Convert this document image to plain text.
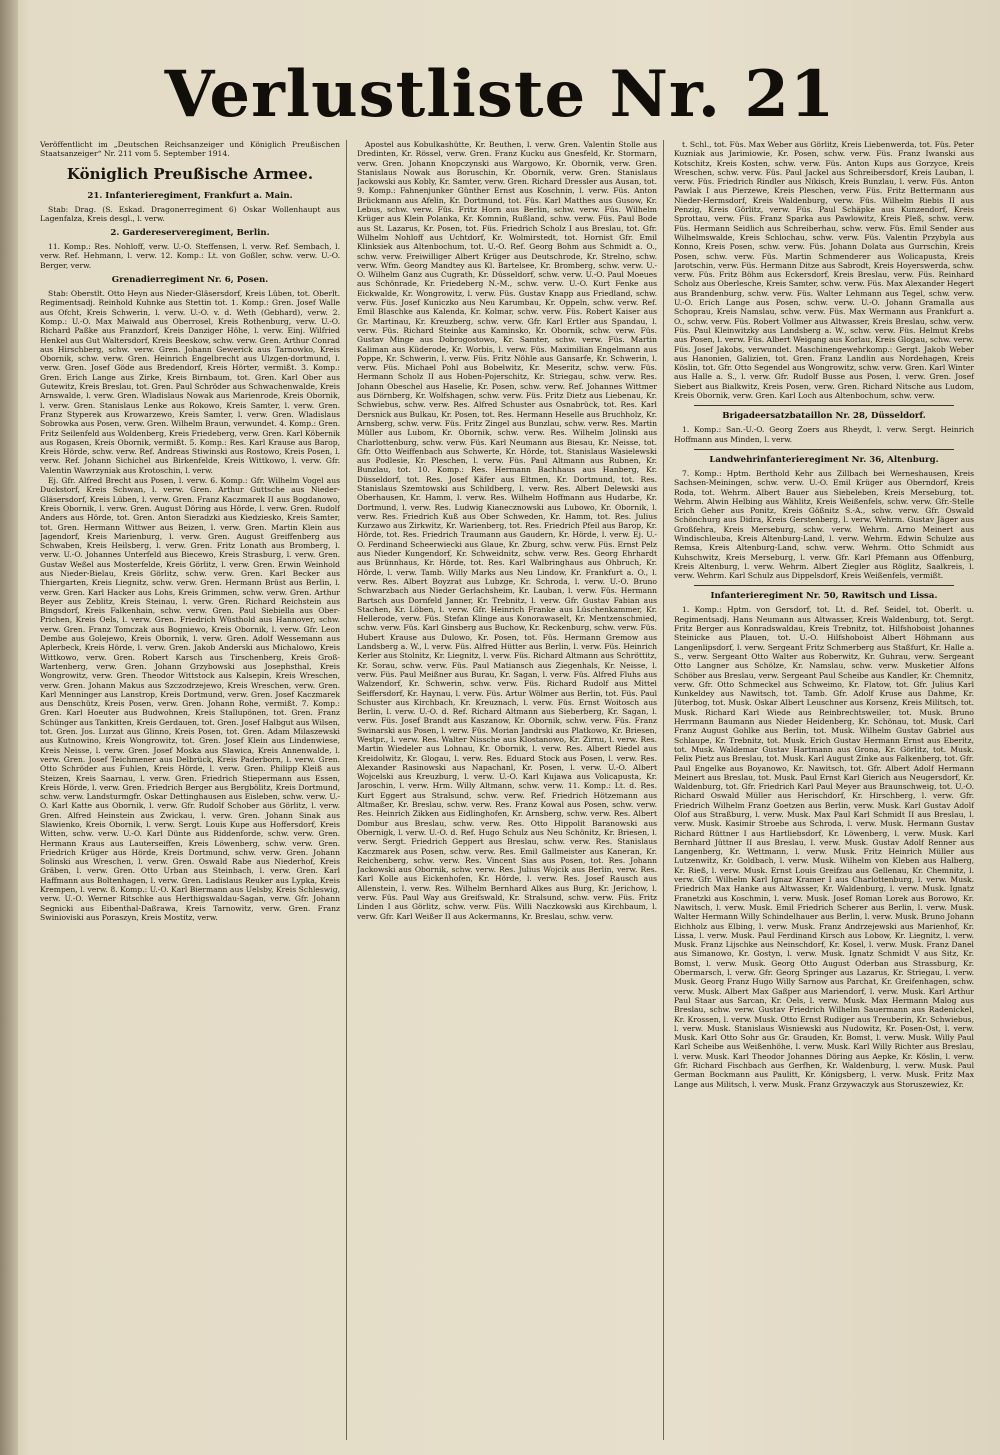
Verlustliste Nr. 21

Veröffentlicht im „Deutschen Reichsanzeiger und Königlich Preußischen Staatsanzeiger“ Nr. 211 vom 5. September 1914.

Königlich Preußische Armee.

21. Infanterieregiment, Frankfurt a. Main.

Stab: Drag. (S. Eskad. Dragonerregiment 6) Oskar Wollenhaupt aus Lagenfalza, Kreis desgl., l. verw.

2. Gardereserveregiment, Berlin.

11. Komp.: Res. Nohloff, verw. U.-O. Steffensen, l. verw. Ref. Sembach, l. verw. Ref. Hehmann, l. verw. 12. Komp.: Lt. von Goßler, schw. verw. U.-O. Berger, verw.

Grenadierregiment Nr. 6, Posen.

Stab: Oberstlt. Otto Heyn aus Nieder-Gläsersdorf, Kreis Lüben, tot. Oberlt. Regimentsadj. Reinhold Kuhnke aus Stettin tot. 1. Komp.: Gren. Josef Walle aus Ofcht, Kreis Schwerin, l. verw. U.-O. v. d. Weth (Gebhard), verw. 2. Komp.: U.-O. Max Maiwald aus Oberrosel, Kreis Rothenburg, verw. U.-O. Richard Paßke aus Franzdorf, Kreis Danziger Höhe, l. verw. Einj. Wilfried Henkel aus Gut Waltersdorf, Kreis Beeskow, schw. verw. Gren. Arthur Conrad aus Hirschberg, schw. verw. Gren. Johann Gewerick aus Tarnowko, Kreis Obornik, schw. verw. Gren. Heinrich Engelbrecht aus Ulzgen-dortmund, l. verw. Gren. Josef Göde aus Bredendorf, Kreis Hörter, vermißt. 3. Komp.: Gren. Erich Lange aus Zirke, Kreis Birnbaum, tot. Gren. Karl Ober aus Gutewitz, Kreis Breslau, tot. Gren. Paul Schröder aus Schwachenwalde, Kreis Arnswalde, l. verw. Gren. Wladislaus Nowak aus Marienrode, Kreis Obornik, l. verw. Gren. Stanislaus Lenke aus Rokowo, Kreis Samter, l. verw. Gren. Franz Styperek aus Krowarzewo, Kreis Samter, l. verw. Gren. Wladislaus Sobrowka aus Posen, verw. Gren. Wilhelm Braun, verwundet. 4. Komp.: Gren. Fritz Seilenfeld aus Woldenberg, Kreis Friedeberg, verw. Gren. Karl Köbernik aus Rogasen, Kreis Obornik, vermißt. 5. Komp.: Res. Karl Krause aus Barop, Kreis Hörde, schw. verw. Ref. Andreas Stiwinski aus Rostowo, Kreis Posen, l. verw. Ref. Johann Sichichel aus Birkenfelde, Kreis Wittkowo, l. verw. Gfr. Valentin Wawrzyniak aus Krotoschin, l. verw.

Ej. Gfr. Alfred Brecht aus Posen, l. verw. 6. Komp.: Gfr. Wilhelm Vogel aus Duckstorf, Kreis Schwan, l. verw. Gren. Arthur Guttsche aus Nieder-Gläsersdorf, Kreis Lüben, l. verw. Gren. Franz Kaczmarek II aus Bogdanowo, Kreis Obornik, l. verw. Gren. August Döring aus Hörde, l. verw. Gren. Rudolf Anders aus Hörde, tot. Gren. Anton Sieradzki aus Kiedziesko, Kreis Samter, tot. Gren. Hermann Wittwer aus Beizen, l. verw. Gren. Martin Klein aus Jagendorf, Kreis Marienburg, l. verw. Gren. August Greiffenberg aus Schwaben, Kreis Heilsberg, l. verw. Gren. Fritz Lonath aus Bromberg, l. verw. U.-O. Johannes Unterfeld aus Biecewo, Kreis Strasburg, l. verw. Gren. Gustav Weßel aus Mosterfelde, Kreis Görlitz, l. verw. Gren. Erwin Weinhold aus Nieder-Bielau, Kreis Görlitz, schw. verw. Gren. Karl Becker aus Thiergarten, Kreis Liegnitz, schw. verw. Gren. Hermann Brüst aus Berlin, l. verw. Gren. Karl Hacker aus Lohs, Kreis Grimmen, schw. verw. Gren. Arthur Beyer aus Zeblitz, Kreis Steinau, l. verw. Gren. Richard Reichstein aus Bingsdorf, Kreis Falkenhain, schw. verw. Gren. Paul Siebiella aus Ober-Prichen, Kreis Oels, l. verw. Gren. Friedrich Wüsthold aus Hannover, schw. verw. Gren. Franz Tomczak aus Bogniewo, Kreis Obornik, l. verw. Gfr. Leon Dembe aus Golejewo, Kreis Obornik, l. verw. Gren. Adolf Wessemann aus Aplerbeck, Kreis Hörde, l. verw. Gren. Jakob Anderski aus Michalowo, Kreis Wittkowo, verw. Gren. Robert Karsch aus Tirschenberg, Kreis Groß-Wartenberg, verw. Gren. Johann Grzybowski aus Josephsthal, Kreis Wongrowitz, verw. Gren. Theodor Wittstock aus Kalsepin, Kreis Wreschen, verw. Gren. Johann Makus aus Szczodrzejewo, Kreis Wreschen, verw. Gren. Karl Menninger aus Lanstrop, Kreis Dortmund, verw. Gren. Josef Kaczmarek aus Denschütz, Kreis Posen, verw. Gren. Johann Rohe, vermißt. 7. Komp.: Gren. Karl Hoeuter aus Budwohnen, Kreis Stallupönen, tot. Gren. Franz Schünger aus Tankitten, Kreis Gerdauen, tot. Gren. Josef Halbgut aus Wilsen, tot. Gren. Jos. Lurzat aus Glinno, Kreis Posen, tot. Gren. Adam Milaszewski aus Kutnowino, Kreis Wongrowitz, tot. Gren. Josef Klein aus Lindenwiese, Kreis Neisse, l. verw. Gren. Josef Moska aus Slawica, Kreis Annenwalde, l. verw. Gren. Josef Teichmener aus Delbrück, Kreis Paderborn, l. verw. Gren. Otto Schröder aus Fuhlen, Kreis Hörde, l. verw. Gren. Philipp Kleiß aus Steizen, Kreis Saarnau, l. verw. Gren. Friedrich Stiepermann aus Essen, Kreis Hörde, l. verw. Gren. Friedrich Berger aus Bergbölitz, Kreis Dortmund, schw. verw. Landsturmgfr. Oskar Dettinghausen aus Eisleben, schw. verw. U.-O. Karl Katte aus Obornik, l. verw. Gfr. Rudolf Schober aus Görlitz, l. verw. Gren. Alfred Heinstein aus Zwickau, l. verw. Gren. Johann Sinak aus Slawienko, Kreis Obornik, l. verw. Sergt. Louis Kupe aus Hoffersdorf, Kreis Witten, schw. verw. U.-O. Karl Dünte aus Riddenforde, schw. verw. Gren. Hermann Kraus aus Lauterseiffen, Kreis Löwenberg, schw. verw. Gren. Friedrich Krüger aus Hörde, Kreis Dortmund, schw. verw. Gren. Johann Solinski aus Wreschen, l. verw. Gren. Oswald Rabe aus Niederhof, Kreis Gräben, l. verw. Gren. Otto Urban aus Steinbach, l. verw. Gren. Karl Haffmann aus Boltenhagen, l. verw. Gren. Ladislaus Reuker aus Lypka, Kreis Krempen, l. verw. 8. Komp.: U.-O. Karl Biermann aus Uelsby, Kreis Schleswig, verw. U.-O. Werner Ritschke aus Herthigswaldau-Sagan, verw. Gfr. Johann Segnicki aus Eibenthal-Daßrawa, Kreis Tarnowitz, verw. Gren. Franz Swinioviski aus Poraszyn, Kreis Mostitz, verw.

Apostel aus Kobulkashütte, Kr. Beuthen, l. verw. Gren. Valentin Stolle aus Dredinten, Kr. Rössel, verw. Gren. Franz Kucku aus Gnesfeld, Kr. Stormarn, verw. Gren. Johann Knopczynski aus Wargowo, Kr. Obornik, verw. Gren. Stanislaus Nowak aus Boruschin, Kr. Obornik, verw. Gren. Stanislaus Jackowski aus Kobly, Kr. Samter, verw. Gren. Richard Dressler aus Ausan, tot. 9. Komp.: Fahnenjunker Günther Ernst aus Koschnin, l. verw. Füs. Anton Brückmann aus Afelin, Kr. Dortmund, tot. Füs. Karl Matthes aus Gusow, Kr. Lebus, schw. verw. Füs. Fritz Horn aus Berlin, schw. verw. Füs. Wilhelm Krüger aus Klein Polanka, Kr. Komnin, Rußland, schw. verw. Füs. Paul Bode aus St. Lazarus, Kr. Posen, tot. Füs. Friedrich Scholz I aus Breslau, tot. Gfr. Wilhelm Nohloff aus Uchtdorf, Kr. Wolmirstedt, tot. Hornist Gfr. Emil Klinksiek aus Altenbochum, tot. U.-O. Ref. Georg Bohm aus Schmidt a. O., schw. verw. Freiwilliger Albert Krüger aus Deutschrode, Kr. Strelno, schw. verw. Wfm. Georg Mandtey aus Kl. Bartelsee, Kr. Bromberg, schw. verw. U.-O. Wilhelm Ganz aus Cugrath, Kr. Düsseldorf, schw. verw. U.-O. Paul Moeues aus Schönrade, Kr. Friedeberg N.-M., schw. verw. U.-O. Kurt Fenke aus Eickwalde, Kr. Wongrowitz, l. verw. Füs. Gustav Knapp aus Friedland, schw. verw. Füs. Josef Kuniczko aus Neu Karumbau, Kr. Oppeln, schw. verw. Ref. Emil Blaschke aus Kalenda, Kr. Kolmar, schw. verw. Füs. Robert Kaiser aus Gr. Martinau, Kr. Kreuzberg, schw. verw. Gfr. Karl Ertler aus Spandau, l. verw. Füs. Richard Steinke aus Kaminsko, Kr. Obornik, schw. verw. Füs. Gustav Minge aus Dobrogostowo, Kr. Samter, schw. verw. Füs. Martin Kaliman aus Küderode, Kr. Worbis, l. verw. Füs. Maximilian Engelmann aus Poppe, Kr. Schwerin, l. verw. Füs. Fritz Nöhle aus Gansarfe, Kr. Schwerin, l. verw. Füs. Michael Pohl aus Bobelwitz, Kr. Meseritz, schw. verw. Füs. Hermann Scholz II aus Hoben-Pojerschitz, Kr. Striegau, schw. verw. Res. Johann Obeschel aus Haselie, Kr. Posen, schw. verw. Ref. Johannes Wittmer aus Dörnberg, Kr. Wolfshagen, schw. verw. Füs. Fritz Dietz aus Liebenau, Kr. Schwiebus, schw. verw. Res. Alfred Schuster aus Osnabrück, tot. Res. Karl Dersnick aus Bulkau, Kr. Posen, tot. Res. Hermann Heselle aus Bruchholz, Kr. Arnsberg, schw. verw. Füs. Fritz Zingel aus Bunzlau, schw. verw. Res. Martin Müller aus Lubom, Kr. Obornik, schw. verw. Res. Wilhelm Jolinski aus Charlottenburg, schw. verw. Füs. Karl Neumann aus Biesau, Kr. Neisse, tot. Gfr. Otto Weiffenbach aus Schwerte, Kr. Hörde, tot. Stanislaus Wasielewski aus Podlesie, Kr. Pleschen, l. verw. Füs. Paul Altmann aus Rubnen, Kr. Bunzlau, tot. 10. Komp.: Res. Hermann Bachhaus aus Hanberg, Kr. Düsseldorf, tot. Res. Josef Käfer aus Eltmen, Kr. Dortmund, tot. Res. Stanislaus Szemtowski aus Schildberg, l. verw. Res. Albert Delewski aus Oberhausen, Kr. Hamm, l. verw. Res. Wilhelm Hoffmann aus Hudarbe, Kr. Dortmund, l. verw. Res. Ludwig Kianecznowski aus Lubowo, Kr. Obornik, l. verw. Res. Friedrich Kuß aus Ober Schweden, Kr. Hamm, tot. Res. Julius Kurzawo aus Zirkwitz, Kr. Warienberg, tot. Res. Friedrich Pfeil aus Barop, Kr. Hörde, tot. Res. Friedrich Traumann aus Gaudern, Kr. Hörde, l. verw. Ej. U.-O. Ferdinand Scheerwiecki aus Glaue, Kr. Zburg, schw. verw. Füs. Ernst Pelz aus Nieder Kungendorf, Kr. Schweidnitz, schw. verw. Res. Georg Ehrhardt aus Brünnhaus, Kr. Hörde, tot. Res. Karl Walbringhaus aus Ohbruch, Kr. Hörde, l. verw. Tamb. Willy Marks aus Neu Lindow, Kr. Frankfurt a. O., l. verw. Res. Albert Boyzrat aus Lubzge, Kr. Schroda, l. verw. U.-O. Bruno Schwarzbach aus Nieder Gerlachsheim, Kr. Lauban, l. verw. Füs. Hermann Bartsch aus Dornfeld Janner, Kr. Trebnitz, l. verw. Gfr. Gustav Fabian aus Stachen, Kr. Löben, l. verw. Gfr. Heinrich Franke aus Lüschenkammer, Kr. Hellerode, verw. Füs. Stefan Klinge aus Konorawaselt, Kr. Mentzenschmied, schw. verw. Füs. Karl Ginsberg aus Buchow, Kr. Reckenburg, schw. verw. Füs. Hubert Krause aus Dulowo, Kr. Posen, tot. Füs. Hermann Gremow aus Landsberg a. W., l. verw. Füs. Alfred Hütter aus Berlin, l. verw. Füs. Heinrich Kerler aus Stolnitz, Kr. Liegnitz, l. verw. Füs. Richard Altmann aus Schröttitz, Kr. Sorau, schw. verw. Füs. Paul Matiansch aus Ziegenhals, Kr. Neisse, l. verw. Füs. Paul Meißner aus Burau, Kr. Sagan, l. verw. Füs. Alfred Fluhs aus Walzendorf, Kr. Schwerin, schw. verw. Füs. Richard Rudolf aus Mittel Seiffersdorf, Kr. Haynau, l. verw. Füs. Artur Wölmer aus Berlin, tot. Füs. Paul Schuster aus Kirchbach, Kr. Kreuznach, l. verw. Füs. Ernst Woitosch aus Berlin, l. verw. U.-O. d. Ref. Richard Altmann aus Sieberberg, Kr. Sagan, l. verw. Füs. Josef Brandt aus Kaszanow, Kr. Obornik, schw. verw. Füs. Franz Swinarski aus Posen, l. verw. Füs. Morian Jandrski aus Platkowo, Kr. Briesen, Westpr., l. verw. Res. Walter Nissche aus Klostanowo, Kr. Zirnu, l. verw. Res. Martin Wiedeler aus Lohnau, Kr. Obornik, l. verw. Res. Albert Riedel aus Kreidolwitz, Kr. Glogau, l. verw. Res. Eduard Stock aus Posen, l. verw. Res. Alexander Rasinowski aus Napachanl, Kr. Posen, l. verw. U.-O. Albert Wojcelski aus Kreuzburg, l. verw. U.-O. Karl Kujawa aus Volicapusta, Kr. Jaroschin, l. verw. Hrm. Willy Altmann, schw. verw. 11. Komp.: Lt. d. Res. Kurt Eggert aus Stralsund, schw. verw. Ref. Friedrich Hötzemann aus Altmaßer, Kr. Breslau, schw. verw. Res. Franz Kowal aus Posen, schw. verw. Res. Heinrich Zikken aus Eidlinghofen, Kr. Arnsberg, schw. verw. Res. Albert Dombur aus Breslau, schw. verw. Res. Otto Hippolit Baranowski aus Obernigk, l. verw. U.-O. d. Ref. Hugo Schulz aus Neu Schönitz, Kr. Briesen, l. verw. Sergt. Friedrich Geppert aus Breslau, schw. verw. Res. Stanislaus Kaczmarek aus Posen, schw. verw. Res. Emil Gallmeister aus Kaneran, Kr. Reichenberg, schw. verw. Res. Vincent Sias aus Posen, tot. Res. Johann Jackowski aus Obornik, schw. verw. Res. Julius Wojcik aus Berlin, verw. Res. Karl Kolle aus Eickenhofen, Kr. Hörde, l. verw. Res. Josef Rausch aus Allenstein, l. verw. Res. Wilhelm Bernhard Alkes aus Burg, Kr. Jerichow, l. verw. Füs. Paul Way aus Greifswald, Kr. Stralsund, schw. verw. Füs. Fritz Linden I aus Görlitz, schw. verw. Füs. Willi Naczkowski aus Kirchbaum, l. verw. Gfr. Karl Weißer II aus Ackermanns, Kr. Breslau, schw. verw.

t. Schl., tot. Füs. Max Weber aus Görlitz, Kreis Liebenwerda, tot. Füs. Peter Kuzniak aus Jarimiowie, Kr. Posen, schw. verw. Füs. Franz Iwanski aus Kotschitz, Kreis Kosten, schw. verw. Füs. Anton Kups aus Gorzyce, Kreis Wreschen, schw. verw. Füs. Paul Jackel aus Schreibersdorf, Kreis Lauban, l. verw. Füs. Friedrich Rindler aus Nikisch, Kreis Bunzlau, l. verw. Füs. Anton Pawlak I aus Pierzewe, Kreis Pleschen, verw. Füs. Fritz Bettermann aus Nieder-Hermsdorf, Kreis Waldenburg, verw. Füs. Wilhelm Riebis II aus Penzig, Kreis Görlitz, verw. Füs. Paul Schäpke aus Kunzendorf, Kreis Sprottau, verw. Füs. Franz Sparka aus Pawlowitz, Kreis Pleß, schw. verw. Füs. Hermann Seidlich aus Schreiberhau, schw. verw. Füs. Emil Sender aus Wilhelmswalde, Kreis Schlochau, schw. verw. Füs. Valentin Przybyla aus Konno, Kreis Posen, schw. verw. Füs. Johann Dolata aus Gurrschin, Kreis Posen, schw. verw. Füs. Martin Schmenderer aus Wolicapusta, Kreis Jarotschin, verw. Füs. Hermann Ditze aus Sabrodt, Kreis Hoyerswerda, schw. verw. Füs. Fritz Böhm aus Eckersdorf, Kreis Breslau, verw. Füs. Reinhard Scholz aus Oberlesche, Kreis Samter, schw. verw. Füs. Max Alexander Hegert aus Brandenburg, schw. verw. Füs. Walter Lehmann aus Tegel, schw. verw. U.-O. Erich Lange aus Posen, schw. verw. U.-O. Johann Gramalla aus Schoprau, Kreis Namslau, schw. verw. Füs. Max Wermann aus Frankfurt a. O., schw. verw. Füs. Robert Vollmer aus Altwasser, Kreis Breslau, schw. verw. Füs. Paul Kleinwitzky aus Landsberg a. W., schw. verw. Füs. Helmut Krebs aus Posen, l. verw. Füs. Albert Weigang aus Korlau, Kreis Glogau, schw. verw. Füs. Josef Jakobs, verwundet. Maschinengewehrkomp.: Gergt. Jakob Weber aus Hanonien, Galizien, tot. Gren. Franz Landlin aus Nordehagen, Kreis Köslin, tot. Gfr. Otto Segendel aus Wongrowitz, schw. verw. Gren. Karl Winter aus Halle a. S., l. verw. Gfr. Rudolf Busse aus Posen, l. verw. Gren. Josef Siebert aus Bialkwitz, Kreis Posen, verw. Gren. Richard Nitsche aus Ludom, Kreis Obornik, verw. Gren. Karl Loch aus Altenbochum, schw. verw.

Brigadeersatzbataillon Nr. 28, Düsseldorf.

1. Komp.: San.-U.-O. Georg Zoers aus Rheydt, l. verw. Sergt. Heinrich Hoffmann aus Minden, l. verw.

Landwehrinfanterieregiment Nr. 36, Altenburg.

7. Komp.: Hptm. Berthold Kehr aus Zillbach bei Werneshausen, Kreis Sachsen-Meiningen, schw. verw. U.-O. Emil Krüger aus Oberndorf, Kreis Roda, tot. Wehrm. Albert Bauer aus Siebeleben, Kreis Merseburg, tot. Wehrm. Alwin Helbing aus Wählitz, Kreis Weißenfels, schw. verw. Gfr.-Stelle Erich Geher aus Ponitz, Kreis Gößnitz S.-A., schw. verw. Gfr. Oswald Schönchurg aus Didra, Kreis Gerstenberg, l. verw. Wehrm. Gustav Jäger aus Großfehra, Kreis Merseburg, schw. verw. Wehrm. Arno Meinert aus Windischleuba, Kreis Altenburg-Land, l. verw. Wehrm. Edwin Schulze aus Remsa, Kreis Altenburg-Land, schw. verw. Wehrm. Otto Schmidt aus Kuhschwitz, Kreis Merseburg, l. verw. Gfr. Karl Pfemann aus Offenburg, Kreis Altenburg, l. verw. Wehrm. Albert Ziegler aus Röglitz, Saalkreis, l. verw. Wehrm. Karl Schulz aus Dippelsdorf, Kreis Weißenfels, vermißt.

Infanterieregiment Nr. 50, Rawitsch und Lissa.

1. Komp.: Hptm. von Gersdorf, tot. Lt. d. Ref. Seidel, tot. Oberlt. u. Regimentsadj. Hans Neumann aus Altwasser, Kreis Waldenburg, tot. Sergt. Fritz Berger aus Konradswaldau, Kreis Trebnitz, tot. Hilfshoboist Johannes Steinicke aus Plauen, tot. U.-O. Hilfshoboist Albert Höhmann aus Langenlipsdorf, l. verw. Sergeant Fritz Schmerberg aus Staßfurt, Kr. Halle a. S., verw. Sergeant Otto Walter aus Roberwitz, Kr. Guhrau, verw. Sergeant Otto Langner aus Schölze, Kr. Namslau, schw. verw. Musketier Alfons Schöber aus Breslau, verw. Sergeant Paul Scheibe aus Kandler, Kr. Chemnitz, verw. Gfr. Otto Schmeckel aus Schweimo, Kr. Flatow, tot. Gfr. Julius Karl Kunkeldey aus Nawitsch, tot. Tamb. Gfr. Adolf Kruse aus Dahme, Kr. Jüterbog, tot. Musk. Oskar Albert Leuschner aus Korsenz, Kreis Militsch, tot. Musk. Richard Karl Wiede aus Reinbrechtsweiler, tot. Musk. Bruno Herrmann Baumann aus Nieder Heidenberg, Kr. Schönau, tot. Musk. Carl Franz August Gohlke aus Berlin, tot. Musk. Wilhelm Gustav Gabriel aus Schlaupe, Kr. Trebnitz, tot. Musk. Erich Gustav Hermann Ernst aus Eberitz, tot. Musk. Waldemar Gustav Hartmann aus Grona, Kr. Görlitz, tot. Musk. Felix Pietz aus Breslau, tot. Musk. Karl August Zinke aus Falkenberg, tot. Gfr. Paul Engelke aus Boyanowo, Kr. Nawitsch, tot. Gfr. Albert Adolf Hermann Meinert aus Breslau, tot. Musk. Paul Ernst Karl Gierich aus Neugersdorf, Kr. Waldenburg, tot. Gfr. Friedrich Karl Paul Meyer aus Braunschweig, tot. U.-O. Richard Oswald Müller aus Herischdorf, Kr. Hirschberg, l. verw. Gfr. Friedrich Wilhelm Franz Goetzen aus Berlin, verw. Musk. Karl Gustav Adolf Olof aus Straßburg, l. verw. Musk. Max Paul Karl Schmidt II aus Breslau, l. verw. Musk. Kasimir Stroebe aus Schroda, l. verw. Musk. Hermann Gustav Richard Rüttner I aus Hartliebsdorf, Kr. Löwenberg, l. verw. Musk. Karl Bernhard Jüttner II aus Breslau, l. verw. Musk. Gustav Adolf Renner aus Langenberg, Kr. Wettmann, l. verw. Musk. Fritz Heinrich Müller aus Lutzenwitz, Kr. Goldbach, l. verw. Musk. Wilhelm von Kleben aus Halberg, Kr. Rieß, l. verw. Musk. Ernst Louis Greifzau aus Gellenau, Kr. Chemnitz, l. verw. Gfr. Wilhelm Karl Ignaz Kramer I aus Charlottenburg, l. verw. Musk. Friedrich Max Hanke aus Altwasser, Kr. Waldenburg, l. verw. Musk. Ignatz Franetzki aus Koschmin, l. verw. Musk. Josef Roman Lorek aus Borowo, Kr. Nawitsch, l. verw. Musk. Emil Friedrich Scherer aus Berlin, l. verw. Musk. Walter Hermann Willy Schindelhauer aus Berlin, l. verw. Musk. Bruno Johann Eichholz aus Elbing, l. verw. Musk. Franz Andrzejewski aus Marienhof, Kr. Lissa, l. verw. Musk. Paul Ferdinand Kirsch aus Lobow, Kr. Liegnitz, l. verw. Musk. Franz Lijschke aus Neinschdorf, Kr. Kosel, l. verw. Musk. Franz Danel aus Simanowo, Kr. Gostyn, l. verw. Musk. Ignatz Schmidt V aus Sitz, Kr. Bomst, l. verw. Musk. Georg Otto August Oderban aus Strassburg, Kr. Obermarsch, l. verw. Gfr. Georg Springer aus Lazarus, Kr. Striegau, l. verw. Musk. Georg Franz Hugo Willy Sarnow aus Parchat, Kr. Greifenhagen, schw. verw. Musk. Albert Max Gaßper aus Mariendorf, l. verw. Musk. Karl Arthur Paul Staar aus Sarcan, Kr. Oels, l. verw. Musk. Max Hermann Malog aus Breslau, schw. verw. Gustav Friedrich Wilhelm Sauermann aus Radenickel, Kr. Krossen, l. verw. Musk. Otto Ernst Rudiger aus Treuberin, Kr. Schwiebus, l. verw. Musk. Stanislaus Wisniewski aus Nudowitz, Kr. Posen-Ost, l. verw. Musk. Karl Otto Sohr aus Gr. Grauden, Kr. Bomst, l. verw. Musk. Willy Paul Karl Scheibe aus Weißenhöhe, l. verw. Musk. Karl Willy Richter aus Breslau, l. verw. Musk. Karl Theodor Johannes Döring aus Aepke, Kr. Köslin, l. verw. Gfr. Richard Fischbach aus Gerfhen, Kr. Waldenburg, l. verw. Musk. Paul German Bockmann aus Paulitt, Kr. Königsberg, l. verw. Musk. Fritz Max Lange aus Militsch, l. verw. Musk. Franz Grzywaczyk aus Storuszewiez, Kr.
